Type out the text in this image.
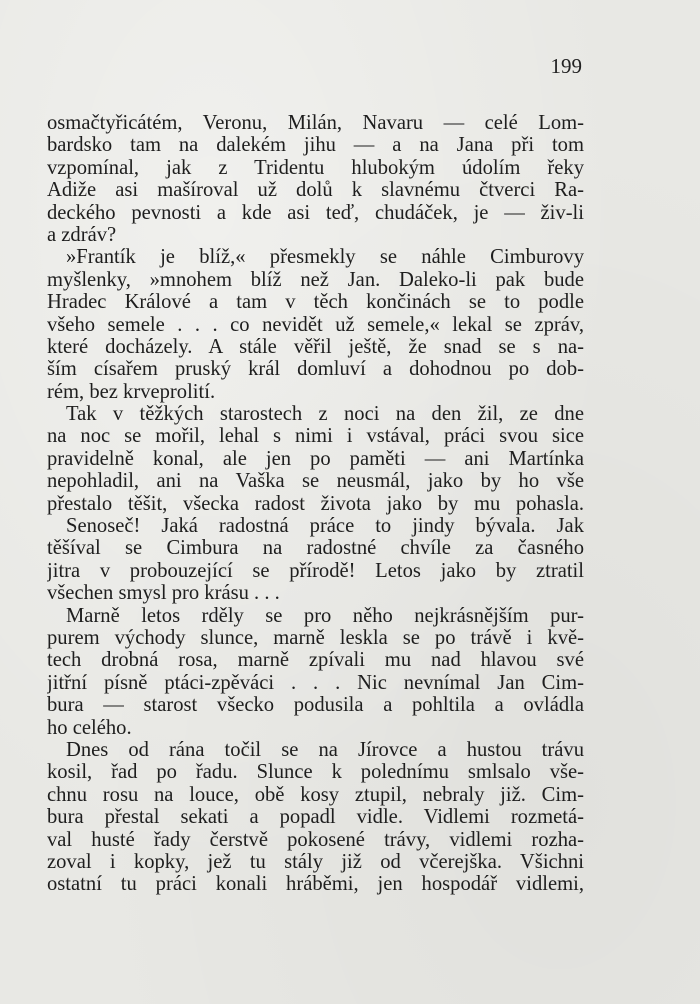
199
osmačtyřicátém, Veronu, Milán, Navaru — celé Lom-
bardsko tam na dalekém jihu — a na Jana při tom
vzpomínal, jak z Tridentu hlubokým údolím řeky
Adiže asi mašíroval už dolů k slavnému čtverci Ra-
deckého pevnosti a kde asi teď, chudáček, je — živ-li
a zdráv?
»Frantík je blíž,« přesmekly se náhle Cimburovy
myšlenky, »mnohem blíž než Jan. Daleko-li pak bude
Hradec Králové a tam v těch končinách se to podle
všeho semele . . . co nevidět už semele,« lekal se zpráv,
které docházely. A stále věřil ještě, že snad se s na-
ším císařem pruský král domluví a dohodnou po dob-
rém, bez krveprolití.
Tak v těžkých starostech z noci na den žil, ze dne
na noc se mořil, lehal s nimi i vstával, práci svou sice
pravidelně konal, ale jen po paměti — ani Martínka
nepohladil, ani na Vaška se neusmál, jako by ho vše
přestalo těšit, všecka radost života jako by mu pohasla.
Senoseč! Jaká radostná práce to jindy bývala. Jak
těšíval se Cimbura na radostné chvíle za časného
jitra v probouzející se přírodě! Letos jako by ztratil
všechen smysl pro krásu . . .
Marně letos rděly se pro něho nejkrásnějším pur-
purem východy slunce, marně leskla se po trávě i kvě-
tech drobná rosa, marně zpívali mu nad hlavou své
jitřní písně ptáci-zpěváci . . . Nic nevnímal Jan Cim-
bura — starost všecko podusila a pohltila a ovládla
ho celého.
Dnes od rána točil se na Jírovce a hustou trávu
kosil, řad po řadu. Slunce k polednímu smlsalo vše-
chnu rosu na louce, obě kosy ztupil, nebraly již. Cim-
bura přestal sekati a popadl vidle. Vidlemi rozmetá-
val husté řady čerstvě pokosené trávy, vidlemi rozha-
zoval i kopky, jež tu stály již od včerejška. Všichni
ostatní tu práci konali hráběmi, jen hospodář vidlemi,
